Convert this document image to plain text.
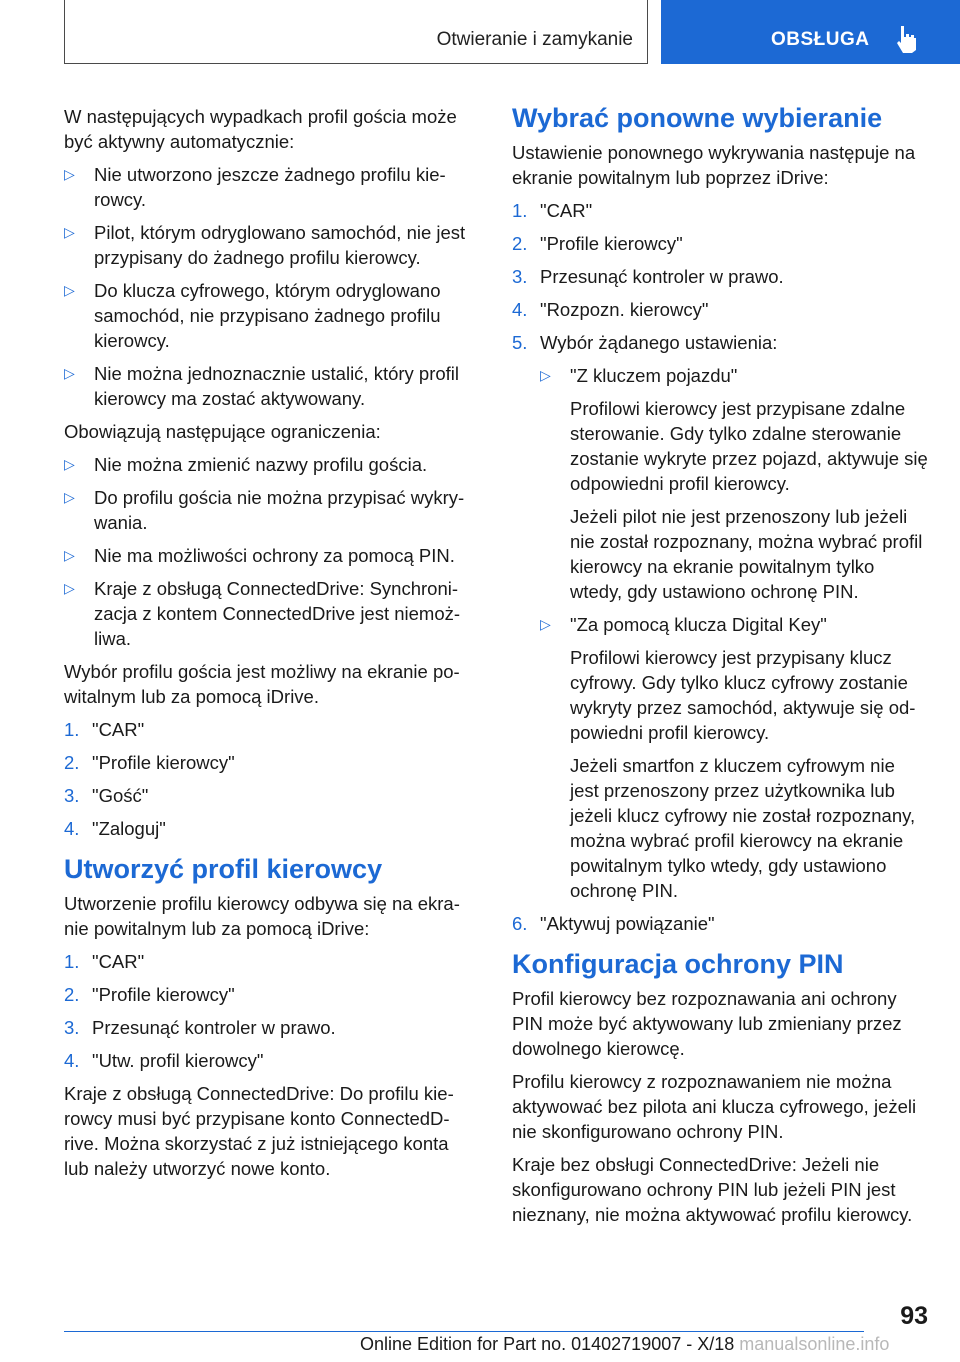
Otwieranie i zamykanie	OBSŁUGA

W następujących wypadkach profil gościa może być aktywny automatycznie:

▷ Nie utworzono jeszcze żadnego profilu kierowcy.
▷ Pilot, którym odryglowano samochód, nie jest przypisany do żadnego profilu kierowcy.
▷ Do klucza cyfrowego, którym odryglowano samochód, nie przypisano żadnego profilu kierowcy.
▷ Nie można jednoznacznie ustalić, który profil kierowcy ma zostać aktywowany.

Obowiązują następujące ograniczenia:

▷ Nie można zmienić nazwy profilu gościa.
▷ Do profilu gościa nie można przypisać wykrywania.
▷ Nie ma możliwości ochrony za pomocą PIN.
▷ Kraje z obsługą ConnectedDrive: Synchronizacja z kontem ConnectedDrive jest niemożliwa.

Wybór profilu gościa jest możliwy na ekranie powitalnym lub za pomocą iDrive.

1. "CAR"
2. "Profile kierowcy"
3. "Gość"
4. "Zaloguj"
Utworzyć profil kierowcy

Utworzenie profilu kierowcy odbywa się na ekranie powitalnym lub za pomocą iDrive:

1. "CAR"
2. "Profile kierowcy"
3. Przesunąć kontroler w prawo.
4. "Utw. profil kierowcy"

Kraje z obsługą ConnectedDrive: Do profilu kierowcy musi być przypisane konto ConnectedDrive. Można skorzystać z już istniejącego konta lub należy utworzyć nowe konto.

Wybrać ponowne wybieranie

Ustawienie ponownego wykrywania następuje na ekranie powitalnym lub poprzez iDrive:

1. "CAR"
2. "Profile kierowcy"
3. Przesunąć kontroler w prawo.
4. "Rozpozn. kierowcy"
5. Wybór żądanego ustawienia:
▷ "Z kluczem pojazdu"
Profilowi kierowcy jest przypisane zdalne sterowanie. Gdy tylko zdalne sterowanie zostanie wykryte przez pojazd, aktywuje się odpowiedni profil kierowcy.
Jeżeli pilot nie jest przenoszony lub jeżeli nie został rozpoznany, można wybrać profil kierowcy na ekranie powitalnym tylko wtedy, gdy ustawiono ochronę PIN.
▷ "Za pomocą klucza Digital Key"
Profilowi kierowcy jest przypisany klucz cyfrowy. Gdy tylko klucz cyfrowy zostanie wykryty przez samochód, aktywuje się odpowiedni profil kierowcy.
Jeżeli smartfon z kluczem cyfrowym nie jest przenoszony przez użytkownika lub jeżeli klucz cyfrowy nie został rozpoznany, można wybrać profil kierowcy na ekranie powitalnym tylko wtedy, gdy ustawiono ochronę PIN.
6. "Aktywuj powiązanie"
Konfiguracja ochrony PIN

Profil kierowcy bez rozpoznawania ani ochrony PIN może być aktywowany lub zmieniany przez dowolnego kierowcę.

Profilu kierowcy z rozpoznawaniem nie można aktywować bez pilota ani klucza cyfrowego, jeżeli nie skonfigurowano ochrony PIN.

Kraje bez obsługi ConnectedDrive: Jeżeli nie skonfigurowano ochrony PIN lub jeżeli PIN jest nieznany, nie można aktywować profilu kierowcy.

93
Online Edition for Part no. 01402719007 - X/18 manualsonline.info
